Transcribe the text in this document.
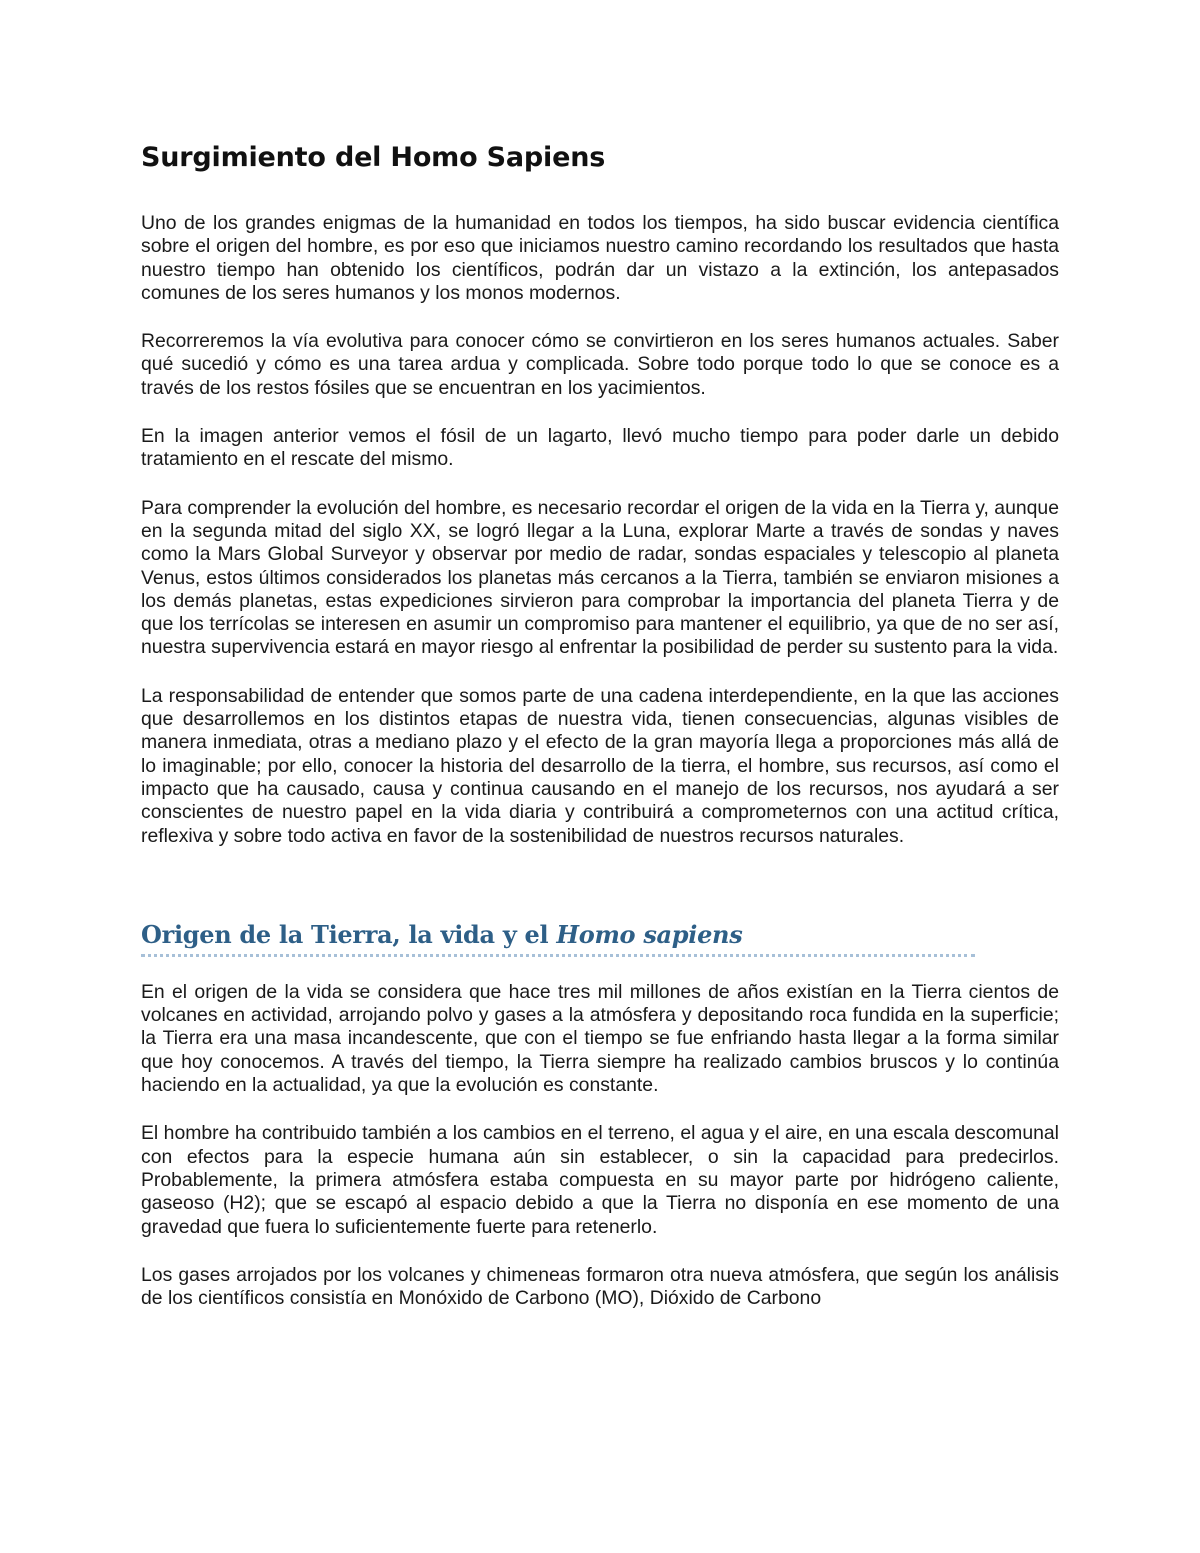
Surgimiento del Homo Sapiens

Uno de los grandes enigmas de la humanidad en todos los tiempos, ha sido buscar evidencia científica sobre el origen del hombre, es por eso que iniciamos nuestro camino recordando los resultados que hasta nuestro tiempo han obtenido los científicos, podrán dar un vistazo a la extinción, los antepasados comunes de los seres humanos y los monos modernos.

Recorreremos la vía evolutiva para conocer cómo se convirtieron en los seres humanos actuales. Saber qué sucedió y cómo es una tarea ardua y complicada. Sobre todo porque todo lo que se conoce es a través de los restos fósiles que se encuentran en los yacimientos.

En la imagen anterior vemos el fósil de un lagarto, llevó mucho tiempo para poder darle un debido tratamiento en el rescate del mismo.

Para comprender la evolución del hombre, es necesario recordar el origen de la vida en la Tierra y, aunque en la segunda mitad del siglo XX, se logró llegar a la Luna, explorar Marte a través de sondas y naves como la Mars Global Surveyor y observar por medio de radar, sondas espaciales y telescopio al planeta Venus, estos últimos considerados los planetas más cercanos a la Tierra, también se enviaron misiones a los demás planetas, estas expediciones sirvieron para comprobar la importancia del planeta Tierra y de que los terrícolas se interesen en asumir un compromiso para mantener el equilibrio, ya que de no ser así, nuestra supervivencia estará en mayor riesgo al enfrentar la posibilidad de perder su sustento para la vida.

La responsabilidad de entender que somos parte de una cadena interdependiente, en la que las acciones que desarrollemos en los distintos etapas de nuestra vida, tienen consecuencias, algunas visibles de manera inmediata, otras a mediano plazo y el efecto de la gran mayoría llega a proporciones más allá de lo imaginable; por ello, conocer la historia del desarrollo de la tierra, el hombre, sus recursos, así como el impacto que ha causado, causa y continua causando en el manejo de los recursos, nos ayudará a ser conscientes de nuestro papel en la vida diaria y contribuirá a comprometernos con una actitud crítica, reflexiva y sobre todo activa en favor de la sostenibilidad de nuestros recursos naturales.

Origen de la Tierra, la vida y el Homo sapiens

En el origen de la vida se considera que hace tres mil millones de años existían en la Tierra cientos de volcanes en actividad, arrojando polvo y gases a la atmósfera y depositando roca fundida en la superficie; la Tierra era una masa incandescente, que con el tiempo se fue enfriando hasta llegar a la forma similar que hoy conocemos. A través del tiempo, la Tierra siempre ha realizado cambios bruscos y lo continúa haciendo en la actualidad, ya que la evolución es constante.

El hombre ha contribuido también a los cambios en el terreno, el agua y el aire, en una escala descomunal con efectos para la especie humana aún sin establecer, o sin la capacidad para predecirlos. Probablemente, la primera atmósfera estaba compuesta en su mayor parte por hidrógeno caliente, gaseoso (H2); que se escapó al espacio debido a que la Tierra no disponía en ese momento de una gravedad que fuera lo suficientemente fuerte para retenerlo.

Los gases arrojados por los volcanes y chimeneas formaron otra nueva atmósfera, que según los análisis de los científicos consistía en Monóxido de Carbono (MO), Dióxido de Carbono
